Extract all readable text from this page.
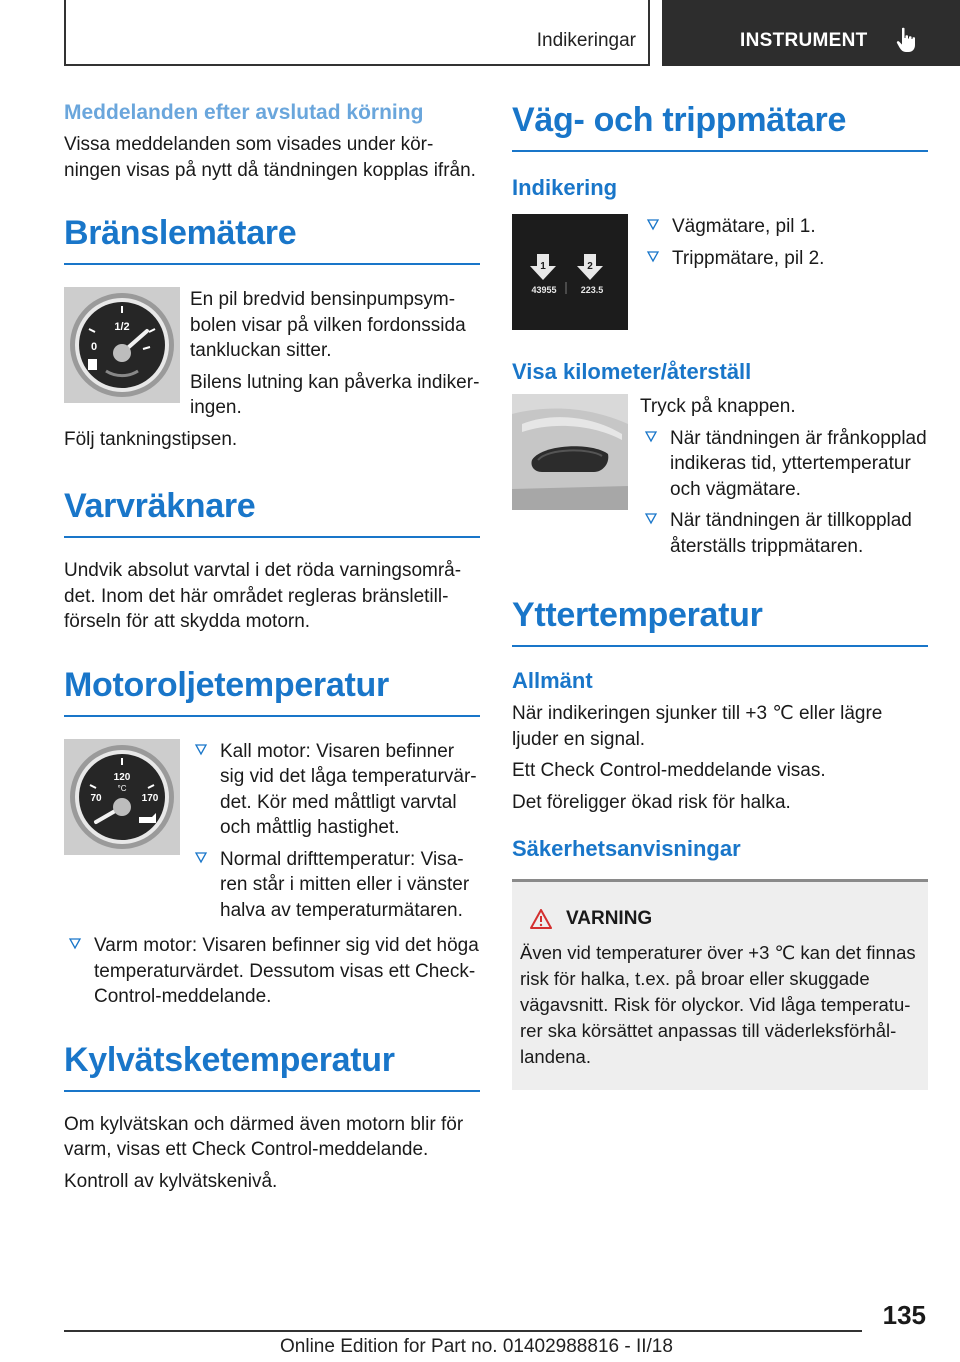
Indikeringar	INSTRUMENT
Meddelanden efter avslutad körning

Vissa meddelanden som visades under körningen visas på nytt då tändningen kopplas ifrån.

Bränslemätare
1/2
0

En pil bredvid bensinpumpsymbolen visar på vilken fordonssida tankluckan sitter.

Bilens lutning kan påverka indikeringen.

Följ tankningstipsen.

Varvräknare

Undvik absolut varvtal i det röda varningsområdet. Inom det här området regleras bränsletillförseln för att skydda motorn.

Motoroljetemperatur
120
°C
70	170
Kall motor: Visaren befinner sig vid det låga temperaturvärdet. Kör med måttligt varvtal och måttlig hastighet.
Normal drifttemperatur: Visaren står i mitten eller i vänster halva av temperaturmätaren.
Varm motor: Visaren befinner sig vid det höga temperaturvärdet. Dessutom visas ett Check-Control-meddelande.
Kylvätsketemperatur

Om kylvätskan och därmed även motorn blir för varm, visas ett Check Control-meddelande.

Kontroll av kylvätskenivå.

Väg- och trippmätare
Indikering
1	2
43955	223.5
Vägmätare, pil 1.
Trippmätare, pil 2.
Visa kilometer/återställ

Tryck på knappen.

När tändningen är frånkopplad indikeras tid, yttertemperatur och vägmätare.
När tändningen är tillkopplad återställs trippmätaren.
Yttertemperatur
Allmänt

När indikeringen sjunker till +3 ℃ eller lägre ljuder en signal.

Ett Check Control-meddelande visas.

Det föreligger ökad risk för halka.

Säkerhetsanvisningar
VARNING

Även vid temperaturer över +3 ℃ kan det finnas risk för halka, t.ex. på broar eller skuggade vägavsnitt. Risk för olyckor. Vid låga temperaturer ska körsättet anpassas till väderleksförhållandena.

135
Online Edition for Part no. 01402988816 - II/18
